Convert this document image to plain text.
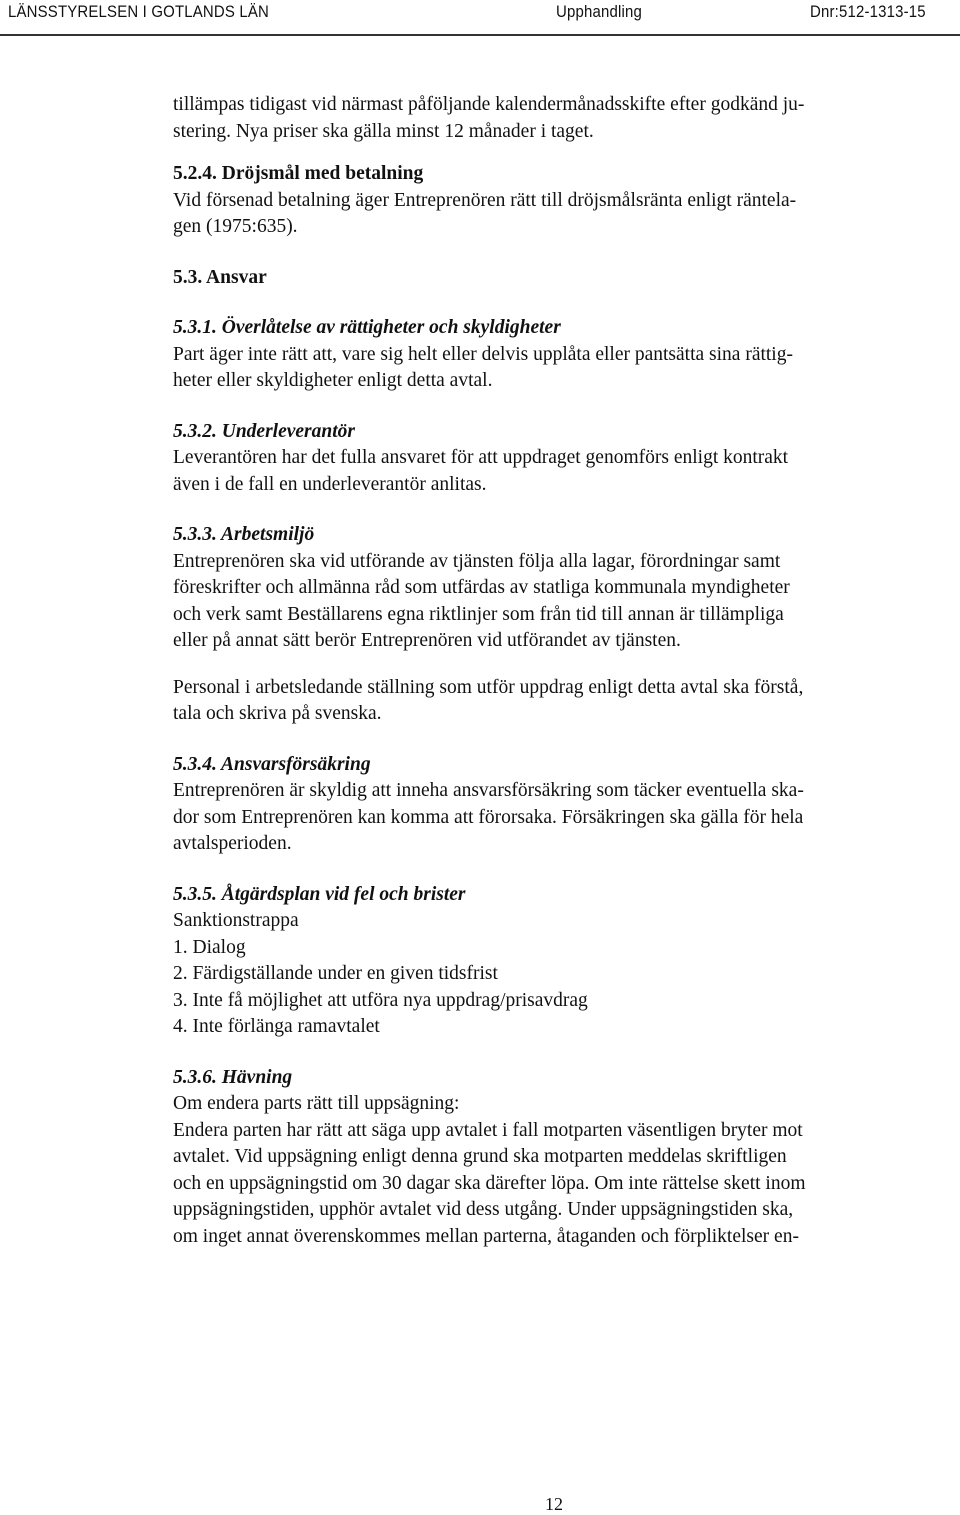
LÄNSSTYRELSEN I GOTLANDS LÄN	Upphandling	Dnr:512-1313-15

tillämpas tidigast vid närmast påföljande kalendermånadsskifte efter godkänd ju-
stering. Nya priser ska gälla minst 12 månader i taget.

5.2.4. Dröjsmål med betalning
Vid försenad betalning äger Entreprenören rätt till dröjsmålsränta enligt räntela-
gen (1975:635).

5.3. Ansvar

5.3.1. Överlåtelse av rättigheter och skyldigheter
Part äger inte rätt att, vare sig helt eller delvis upplåta eller pantsätta sina rättig-
heter eller skyldigheter enligt detta avtal.

5.3.2. Underleverantör
Leverantören har det fulla ansvaret för att uppdraget genomförs enligt kontrakt
även i de fall en underleverantör anlitas.

5.3.3. Arbetsmiljö
Entreprenören ska vid utförande av tjänsten följa alla lagar, förordningar samt
föreskrifter och allmänna råd som utfärdas av statliga kommunala myndigheter
och verk samt Beställarens egna riktlinjer som från tid till annan är tillämpliga
eller på annat sätt berör Entreprenören vid utförandet av tjänsten.

Personal i arbetsledande ställning som utför uppdrag enligt detta avtal ska förstå,
tala och skriva på svenska.

5.3.4. Ansvarsförsäkring
Entreprenören är skyldig att inneha ansvarsförsäkring som täcker eventuella ska-
dor som Entreprenören kan komma att förorsaka. Försäkringen ska gälla för hela
avtalsperioden.

5.3.5. Åtgärdsplan vid fel och brister
Sanktionstrappa
1. Dialog
2. Färdigställande under en given tidsfrist
3. Inte få möjlighet att utföra nya uppdrag/prisavdrag
4. Inte förlänga ramavtalet

5.3.6. Hävning
Om endera parts rätt till uppsägning:
Endera parten har rätt att säga upp avtalet i fall motparten väsentligen bryter mot
avtalet. Vid uppsägning enligt denna grund ska motparten meddelas skriftligen
och en uppsägningstid om 30 dagar ska därefter löpa. Om inte rättelse skett inom
uppsägningstiden, upphör avtalet vid dess utgång. Under uppsägningstiden ska,
om inget annat överenskommes mellan parterna, åtaganden och förpliktelser en-

12
